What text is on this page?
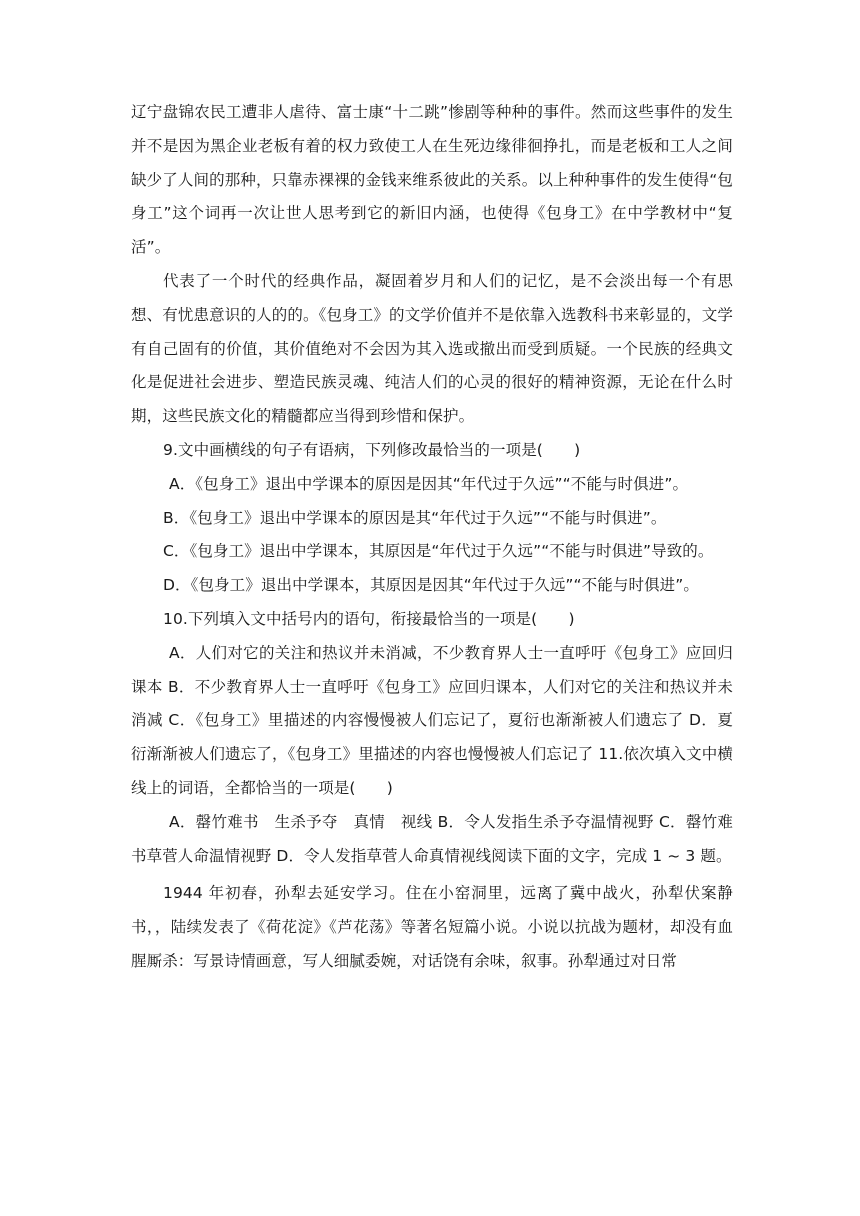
辽宁盘锦农民工遭非人虐待、富士康“十二跳”惨剧等种种的事件。然而这些事件的发生并不是因为黑企业老板有着的权力致使工人在生死边缘徘徊挣扎，而是老板和工人之间缺少了人间的那种，只靠赤裸裸的金钱来维系彼此的关系。以上种种事件的发生使得“包身工”这个词再一次让世人思考到它的新旧内涵，也使得《包身工》在中学教材中“复活”。

代表了一个时代的经典作品，凝固着岁月和人们的记忆，是不会淡出每一个有思想、有忧患意识的人的的。《包身工》的文学价值并不是依靠入选教科书来彰显的，文学有自己固有的价值，其价值绝对不会因为其入选或撤出而受到质疑。一个民族的经典文化是促进社会进步、塑造民族灵魂、纯洁人们的心灵的很好的精神资源，无论在什么时期，这些民族文化的精髓都应当得到珍惜和保护。

9.文中画横线的句子有语病，下列修改最恰当的一项是(　　)

A．《包身工》退出中学课本的原因是因其“年代过于久远”“不能与时俱进”。

B．《包身工》退出中学课本的原因是其“年代过于久远”“不能与时俱进”。

C．《包身工》退出中学课本，其原因是“年代过于久远”“不能与时俱进”导致的。

D．《包身工》退出中学课本，其原因是因其“年代过于久远”“不能与时俱进”。

10.下列填入文中括号内的语句，衔接最恰当的一项是(　　)

A．人们对它的关注和热议并未消减，不少教育界人士一直呼吁《包身工》应回归课本 B．不少教育界人士一直呼吁《包身工》应回归课本，人们对它的关注和热议并未消减 C．《包身工》里描述的内容慢慢被人们忘记了，夏衍也渐渐被人们遗忘了 D．夏衍渐渐被人们遗忘了，《包身工》里描述的内容也慢慢被人们忘记了 11.依次填入文中横线上的词语，全都恰当的一项是(　　)

A．罄竹难书　生杀予夺　真情　视线 B．令人发指生杀予夺温情视野 C．罄竹难书草菅人命温情视野 D．令人发指草菅人命真情视线阅读下面的文字，完成 1 ~ 3 题。

1944 年初春，孙犁去延安学习。住在小窑洞里，远离了冀中战火，孙犁伏案静书，，陆续发表了《荷花淀》《芦花荡》等著名短篇小说。小说以抗战为题材，却没有血腥厮杀：写景诗情画意，写人细腻委婉，对话饶有余味，叙事。孙犁通过对日常
